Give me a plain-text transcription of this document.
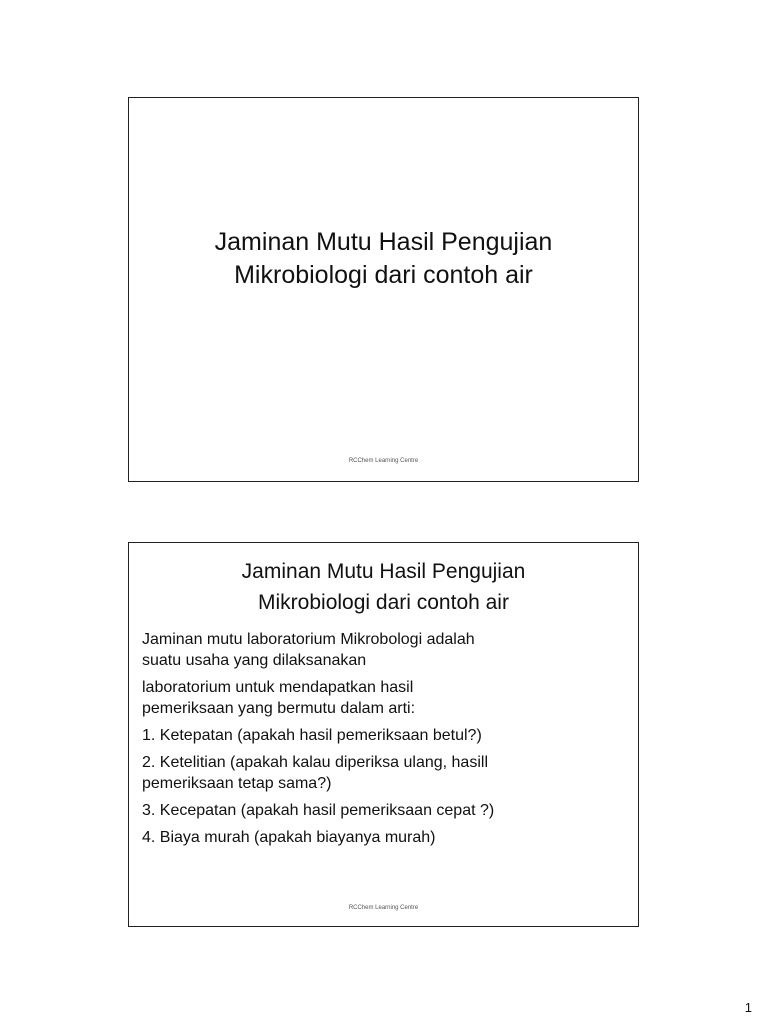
Jaminan Mutu Hasil Pengujian
Mikrobiologi dari contoh air
RCChem Learning Centre
Jaminan Mutu Hasil Pengujian
Mikrobiologi dari contoh air

Jaminan mutu laboratorium Mikrobologi adalah
suatu usaha yang dilaksanakan

laboratorium untuk mendapatkan hasil
pemeriksaan yang bermutu dalam arti:

1. Ketepatan (apakah hasil pemeriksaan betul?)

2. Ketelitian (apakah kalau diperiksa ulang, hasill
pemeriksaan tetap sama?)

3. Kecepatan (apakah hasil pemeriksaan cepat ?)

4. Biaya murah (apakah biayanya murah)

RCChem Learning Centre
1
